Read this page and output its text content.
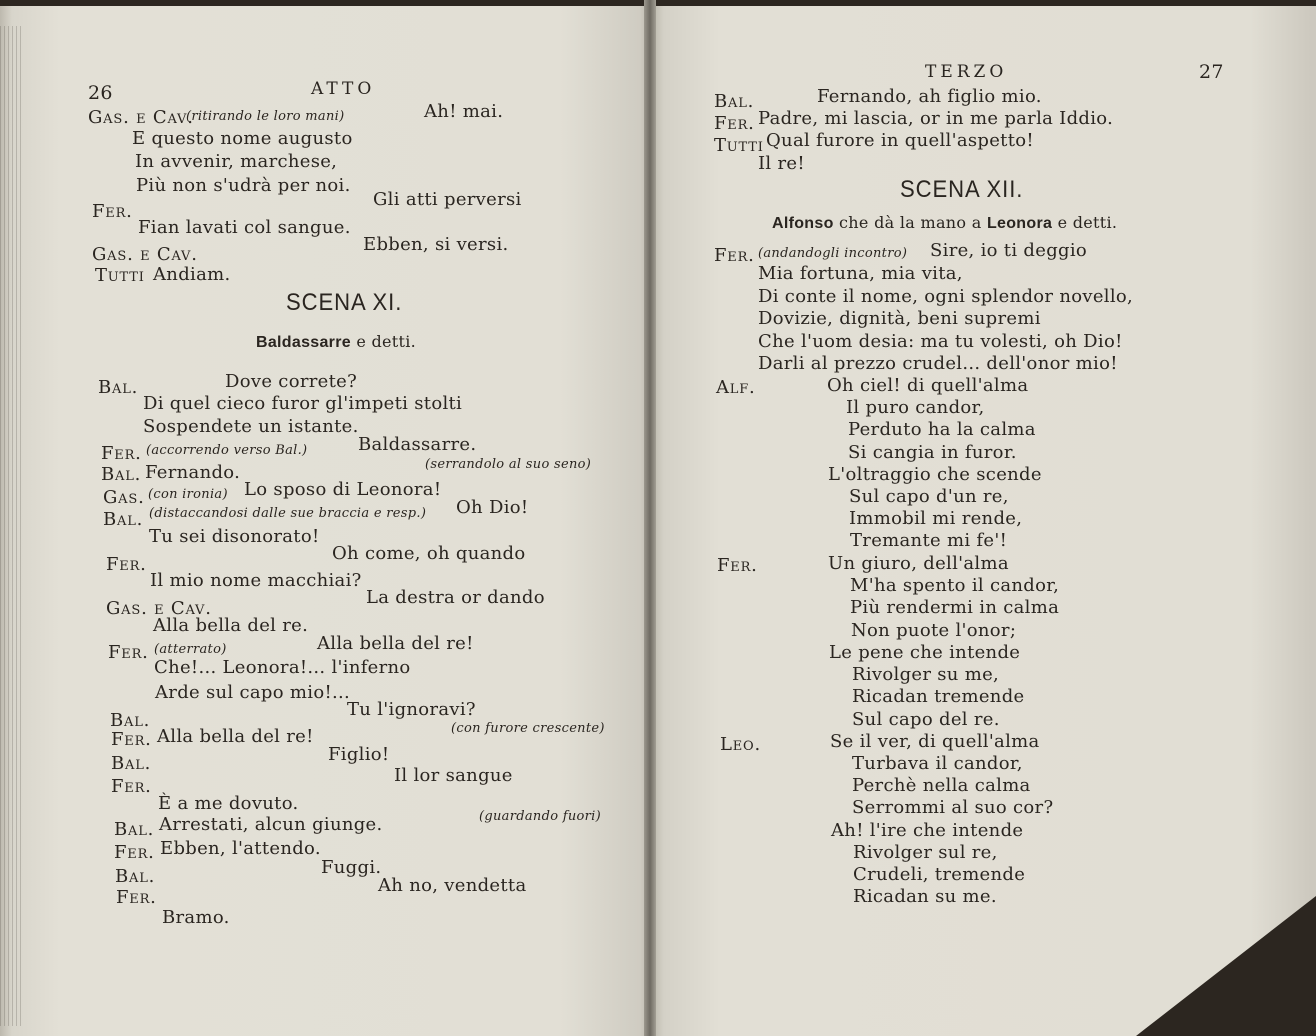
26	ATTO
Gas. e Cav.
(ritirando le loro mani)	Ah! mai.
E questo nome augusto
In avvenir, marchese,
Più non s'udrà per noi.
Fer.
Gli atti perversi
Fian lavati col sangue.
Gas. e Cav.	Ebben, si versi.
Tutti Andiam.
SCENA XI.
Baldassarre e detti.
Bal.	Dove correte?
Di quel cieco furor gl'impeti stolti
Sospendete un istante.
Fer. (accorrendo verso Bal.)	Baldassarre.
(serrandolo al suo seno)
Bal. Fernando.
Gas. (con ironia) Lo sposo di Leonora!
Bal. (distaccandosi dalle sue braccia e resp.) Oh Dio!
Tu sei disonorato!
Fer.
Oh come, oh quando
Il mio nome macchiai?
Gas. e Cav.
La destra or dando
Alla bella del re.
Fer. (atterrato)	Alla bella del re!
Che!... Leonora!... l'inferno
Arde sul capo mio!...
Bal.
Tu l'ignoravi?
(con furore crescente)
Fer. Alla bella del re!
Bal.	Figlio!
Fer.
Il lor sangue
È a me dovuto.
Bal. Arrestati, alcun giunge.	(guardando fuori)
Fer. Ebben, l'attendo.
Bal.	Fuggi.
Fer.
Ah no, vendetta
Bramo.
TERZO	27
Bal.	Fernando, ah figlio mio.
Fer. Padre, mi lascia, or in me parla Iddio.
Tutti Qual furore in quell'aspetto!
Il re!
SCENA XII.
Alfonso che dà la mano a Leonora e detti.
Fer. (andandogli incontro) Sire, io ti deggio
Mia fortuna, mia vita,
Di conte il nome, ogni splendor novello,
Dovizie, dignità, beni supremi
Che l'uom desia: ma tu volesti, oh Dio!
Darli al prezzo crudel... dell'onor mio!
Alf.	Oh ciel! di quell'alma
Il puro candor,
Perduto ha la calma
Si cangia in furor.
L'oltraggio che scende
Sul capo d'un re,
Immobil mi rende,
Tremante mi fe'!
Fer.	Un giuro, dell'alma
M'ha spento il candor,
Più rendermi in calma
Non puote l'onor;
Le pene che intende
Rivolger su me,
Ricadan tremende
Sul capo del re.
Leo.	Se il ver, di quell'alma
Turbava il candor,
Perchè nella calma
Serrommi al suo cor?
Ah! l'ire che intende
Rivolger sul re,
Crudeli, tremende
Ricadan su me.
